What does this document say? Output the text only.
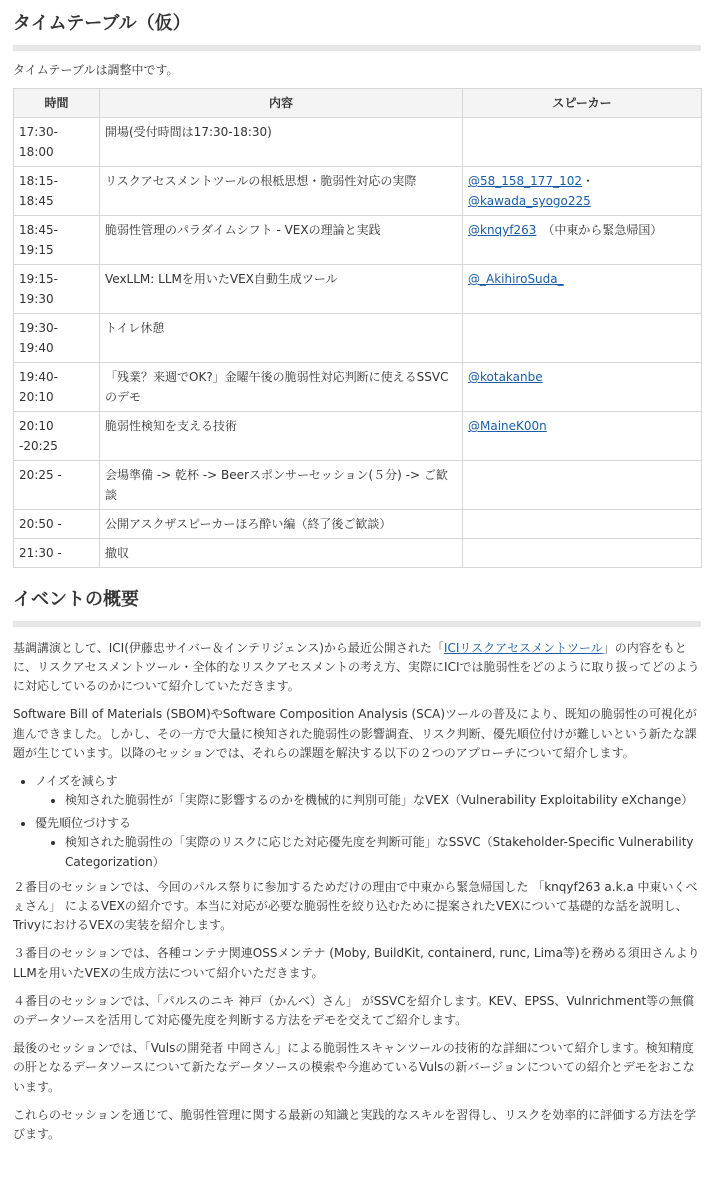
タイムテーブル（仮）
タイムテーブルは調整中です。
時間	内容	スピーカー
17:30-
18:00	開場(受付時間は17:30-18:30)	
18:15-
18:45	リスクアセスメントツールの根柢思想・脆弱性対応の実際	@58_158_177_102・
@kawada_syogo225
18:45-
19:15	脆弱性管理のパラダイムシフト - VEXの理論と実践	@knqyf263 （中東から緊急帰国）
19:15-
19:30	VexLLM: LLMを用いたVEX自動生成ツール	@_AkihiroSuda_
19:30-
19:40	トイレ休憩	
19:40-
20:10	「残業？来週でOK?」金曜午後の脆弱性対応判断に使えるSSVCのデモ	@kotakanbe
20:10
-20:25	脆弱性検知を支える技術	@MaineK00n
20:25 -	会場準備 -> 乾杯 -> Beerスポンサーセッション(５分) -> ご歓談	
20:50 -	公開アスクザスピーカーほろ酔い編（終了後ご歓談）	
21:30 -	撤収	
イベントの概要

基調講演として、ICI(伊藤忠サイバー＆インテリジェンス)から最近公開された「ICIリスクアセスメントツール」の内容をもとに、リスクアセスメントツール・全体的なリスクアセスメントの考え方、実際にICIでは脆弱性をどのように取り扱ってどのように対応しているのかについて紹介していただきます。

Software Bill of Materials (SBOM)やSoftware Composition Analysis (SCA)ツールの普及により、既知の脆弱性の可視化が進んできました。しかし、その一方で大量に検知された脆弱性の影響調査、リスク判断、優先順位付けが難しいという新たな課題が生じています。以降のセッションでは、それらの課題を解決する以下の２つのアプローチについて紹介します。

• ノイズを減らす
• 検知された脆弱性が「実際に影響するのかを機械的に判別可能」なVEX（Vulnerability Exploitability eXchange）
• 優先順位づけする
• 検知された脆弱性の「実際のリスクに応じた対応優先度を判断可能」なSSVC（Stakeholder-Specific Vulnerability Categorization）

２番目のセッションでは、今回のパルス祭りに参加するためだけの理由で中東から緊急帰国した 「knqyf263 a.k.a 中東いくべぇさん」 によるVEXの紹介です。本当に対応が必要な脆弱性を絞り込むために提案されたVEXについて基礎的な話を説明し、TrivyにおけるVEXの実装を紹介します。

３番目のセッションでは、各種コンテナ関連OSSメンテナ (Moby, BuildKit, containerd, runc, Lima等)を務める須田さんよりLLMを用いたVEXの生成方法について紹介いただきます。

４番目のセッションでは、「パルスのニキ 神戸（かんべ）さん」 がSSVCを紹介します。KEV、EPSS、Vulnrichment等の無償のデータソースを活用して対応優先度を判断する方法をデモを交えてご紹介します。

最後のセッションでは、「Vulsの開発者 中岡さん」による脆弱性スキャンツールの技術的な詳細について紹介します。検知精度の肝となるデータソースについて新たなデータソースの模索や今進めているVulsの新バージョンについての紹介とデモをおこないます。

これらのセッションを通じて、脆弱性管理に関する最新の知識と実践的なスキルを習得し、リスクを効率的に評価する方法を学びます。
